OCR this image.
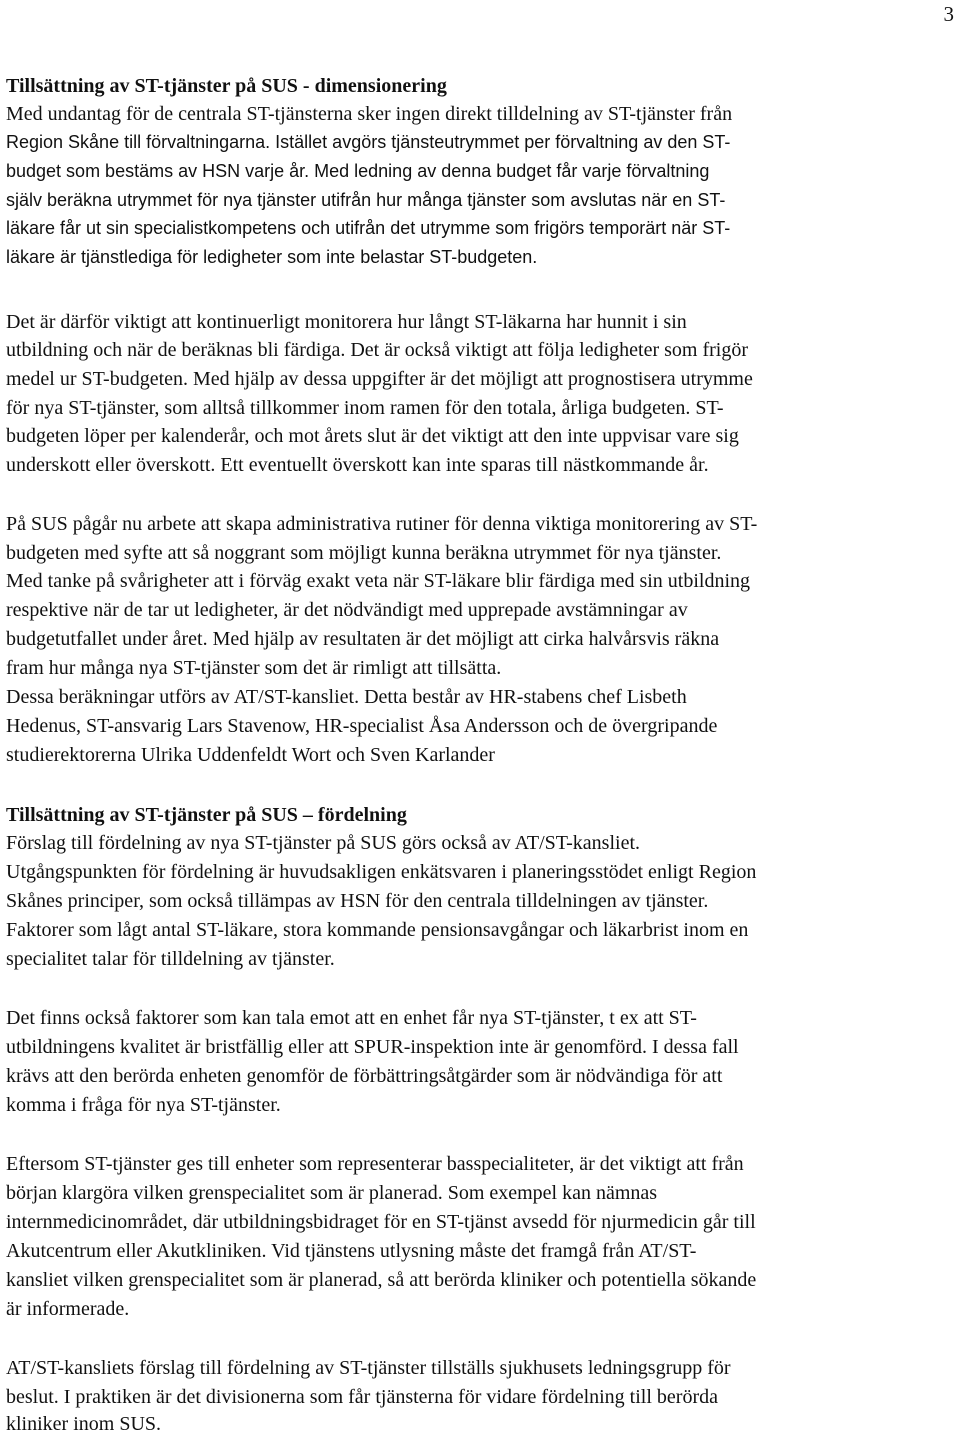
3
Tillsättning av ST-tjänster på SUS - dimensionering
Med undantag för de centrala ST-tjänsterna sker ingen direkt tilldelning av ST-tjänster från
Region Skåne till förvaltningarna. Istället avgörs tjänsteutrymmet per förvaltning av den ST-
budget som bestäms av HSN varje år. Med ledning av denna budget får varje förvaltning
själv beräkna utrymmet för nya tjänster utifrån hur många tjänster som avslutas när en ST-
läkare får ut sin specialistkompetens och utifrån det utrymme som frigörs temporärt när ST-
läkare är tjänstlediga för ledigheter som inte belastar ST-budgeten.
Det är därför viktigt att kontinuerligt monitorera hur långt ST-läkarna har hunnit i sin
utbildning och när de beräknas bli färdiga. Det är också viktigt att följa ledigheter som frigör
medel ur ST-budgeten. Med hjälp av dessa uppgifter är det möjligt att prognostisera utrymme
för nya ST-tjänster, som alltså tillkommer inom ramen för den totala, årliga budgeten. ST-
budgeten löper per kalenderår, och mot årets slut är det viktigt att den inte uppvisar vare sig
underskott eller överskott. Ett eventuellt överskott kan inte sparas till nästkommande år.
På SUS pågår nu arbete att skapa administrativa rutiner för denna viktiga monitorering av ST-
budgeten med syfte att så noggrant som möjligt kunna beräkna utrymmet för nya tjänster.
Med tanke på svårigheter att i förväg exakt veta när ST-läkare blir färdiga med sin utbildning
respektive när de tar ut ledigheter, är det nödvändigt med upprepade avstämningar av
budgetutfallet under året. Med hjälp av resultaten är det möjligt att cirka halvårsvis räkna
fram hur många nya ST-tjänster som det är rimligt att tillsätta.
Dessa beräkningar utförs av AT/ST-kansliet. Detta består av HR-stabens chef Lisbeth
Hedenus, ST-ansvarig Lars Stavenow, HR-specialist Åsa Andersson och de övergripande
studierektorerna Ulrika Uddenfeldt Wort och Sven Karlander
Tillsättning av ST-tjänster på SUS – fördelning
Förslag till fördelning av nya ST-tjänster på SUS görs också av AT/ST-kansliet.
Utgångspunkten för fördelning är huvudsakligen enkätsvaren i planeringsstödet enligt Region
Skånes principer, som också tillämpas av HSN för den centrala tilldelningen av tjänster.
Faktorer som lågt antal ST-läkare, stora kommande pensionsavgångar och läkarbrist inom en
specialitet talar för tilldelning av tjänster.
Det finns också faktorer som kan tala emot att en enhet får nya ST-tjänster, t ex att ST-
utbildningens kvalitet är bristfällig eller att SPUR-inspektion inte är genomförd. I dessa fall
krävs att den berörda enheten genomför de förbättringsåtgärder som är nödvändiga för att
komma i fråga för nya ST-tjänster.
Eftersom ST-tjänster ges till enheter som representerar basspecialiteter, är det viktigt att från
början klargöra vilken grenspecialitet som är planerad. Som exempel kan nämnas
internmedicinområdet, där utbildningsbidraget för en ST-tjänst avsedd för njurmedicin går till
Akutcentrum eller Akutkliniken. Vid tjänstens utlysning måste det framgå från AT/ST-
kansliet vilken grenspecialitet som är planerad, så att berörda kliniker och potentiella sökande
är informerade.
AT/ST-kansliets förslag till fördelning av ST-tjänster tillställs sjukhusets ledningsgrupp för
beslut. I praktiken är det divisionerna som får tjänsterna för vidare fördelning till berörda
kliniker inom SUS.
